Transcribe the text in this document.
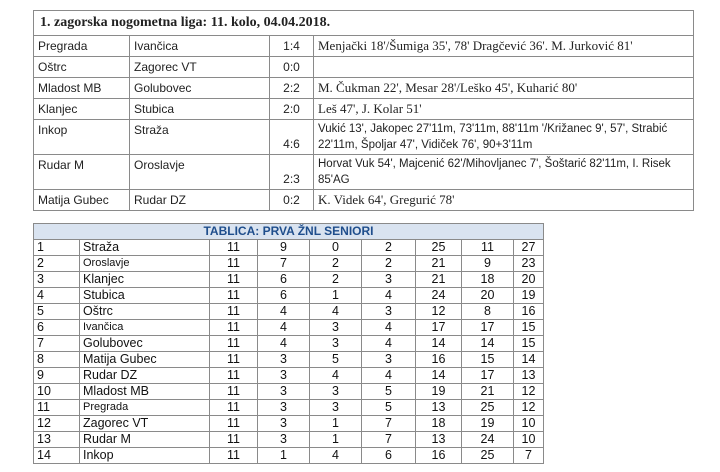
1. zagorska nogometna liga: 11. kolo, 04.04.2018.			
Pregrada	Ivančica	1:4	Menjački 18'/Šumiga 35', 78' Dragčević 36'. M. Jurković 81'
Oštrc	Zagorec VT	0:0	
Mladost MB	Golubovec	2:2	M. Čukman 22', Mesar 28'/Leško 45', Kuharić 80'
Klanjec	Stubica	2:0	Leš 47', J. Kolar 51'
Inkop	Straža	4:6	Vukić 13', Jakopec 27'11m, 73'11m, 88'11m '/Križanec 9', 57', Strabić 22'11m, Špoljar 47', Vidiček 76', 90+3'11m
Rudar M	Oroslavje	2:3	Horvat Vuk 54', Majcenić 62'/Mihovljanec 7', Šoštarić 82'11m, I. Risek 85'AG
Matija Gubec	Rudar DZ	0:2	K. Videk 64', Gregurić 78'
TABLICA: PRVA ŽNL SENIORI
1	Straža	11	9	0	2	25	11	27
2	Oroslavje	11	7	2	2	21	9	23
3	Klanjec	11	6	2	3	21	18	20
4	Stubica	11	6	1	4	24	20	19
5	Oštrc	11	4	4	3	12	8	16
6	Ivančica	11	4	3	4	17	17	15
7	Golubovec	11	4	3	4	14	14	15
8	Matija Gubec	11	3	5	3	16	15	14
9	Rudar DZ	11	3	4	4	14	17	13
10	Mladost MB	11	3	3	5	19	21	12
11	Pregrada	11	3	3	5	13	25	12
12	Zagorec VT	11	3	1	7	18	19	10
13	Rudar M	11	3	1	7	13	24	10
14	Inkop	11	1	4	6	16	25	7
